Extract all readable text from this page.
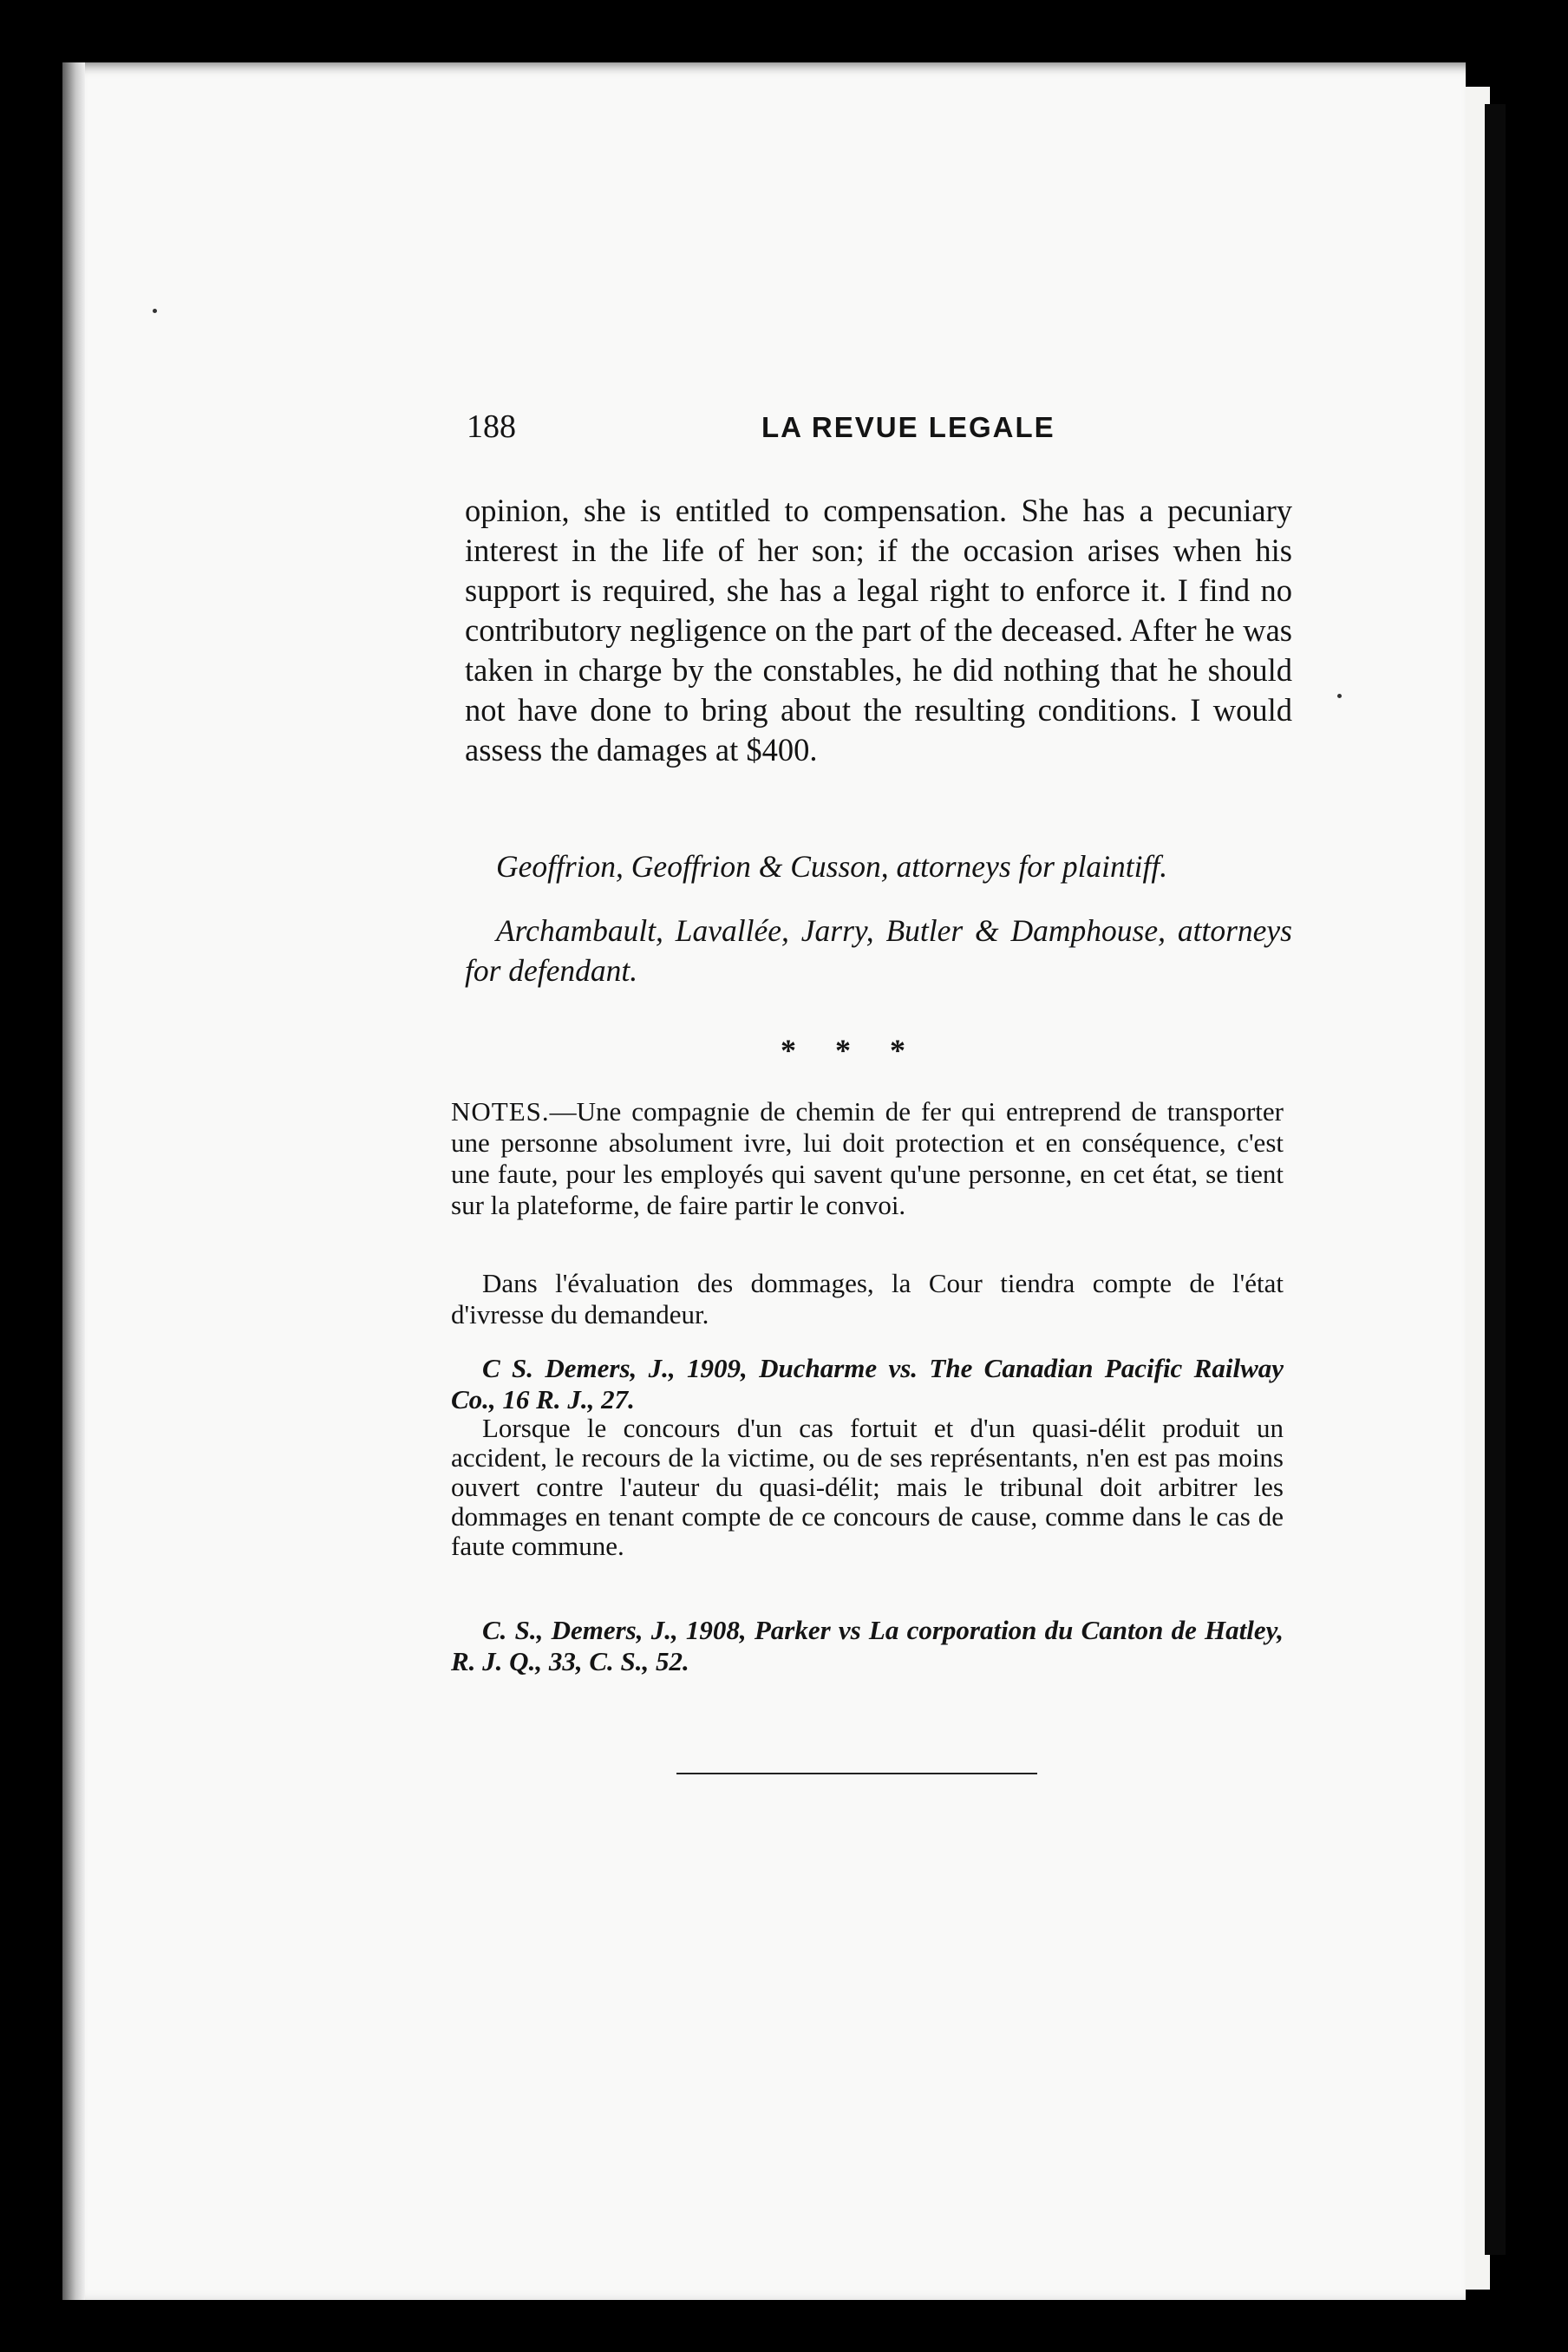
188	LA REVUE LEGALE

opinion, she is entitled to compensation. She has a pecuniary interest in the life of her son; if the occasion arises when his support is required, she has a legal right to enforce it. I find no contributory negligence on the part of the deceased. After he was taken in charge by the constables, he did nothing that he should not have done to bring about the resulting conditions. I would assess the damages at $400.

Geoffrion, Geoffrion & Cusson, attorneys for plaintiff.

Archambault, Lavallée, Jarry, Butler & Damphouse, attorneys for defendant.

* * *

NOTES.—Une compagnie de chemin de fer qui entreprend de transporter une personne absolument ivre, lui doit protection et en conséquence, c'est une faute, pour les employés qui savent qu'une personne, en cet état, se tient sur la plateforme, de faire partir le convoi.

Dans l'évaluation des dommages, la Cour tiendra compte de l'état d'ivresse du demandeur.

C S. Demers, J., 1909, Ducharme vs. The Canadian Pacific Railway Co., 16 R. J., 27.

Lorsque le concours d'un cas fortuit et d'un quasi-délit produit un accident, le recours de la victime, ou de ses représentants, n'en est pas moins ouvert contre l'auteur du quasi-délit; mais le tribunal doit arbitrer les dommages en tenant compte de ce concours de cause, comme dans le cas de faute commune.

C. S., Demers, J., 1908, Parker vs La corporation du Canton de Hatley, R. J. Q., 33, C. S., 52.
